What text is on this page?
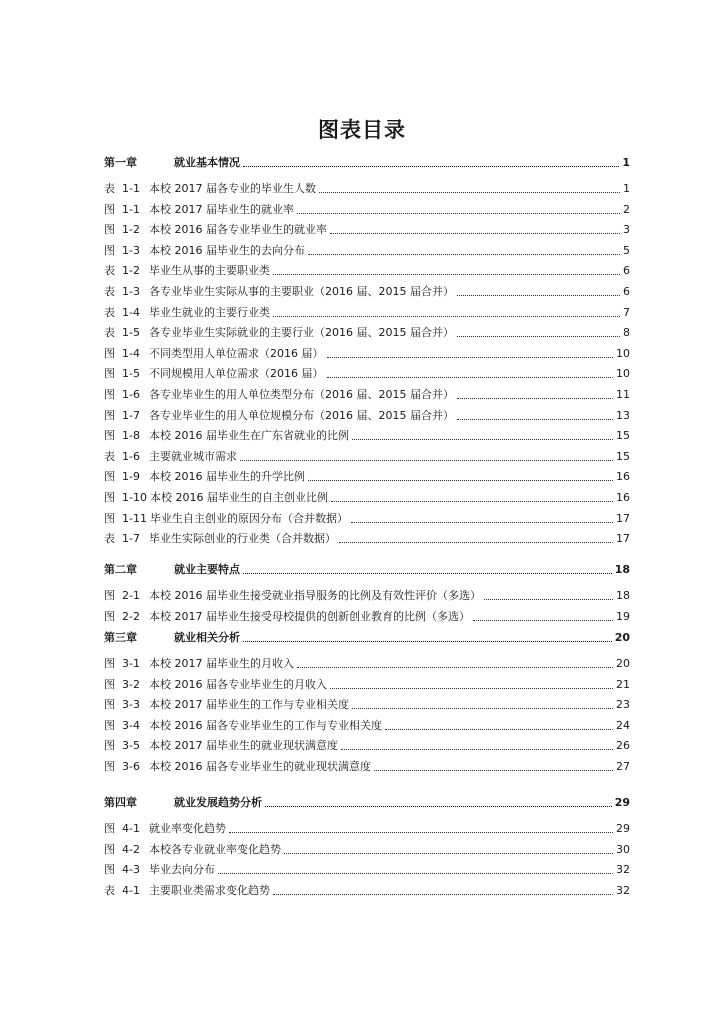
图表目录
第一章	就业基本情况	1
表 1-1 本校 2017 届各专业的毕业生人数	1
图 1-1 本校 2017 届毕业生的就业率	2
图 1-2 本校 2016 届各专业毕业生的就业率	3
图 1-3 本校 2016 届毕业生的去向分布	5
表 1-2 毕业生从事的主要职业类	6
表 1-3 各专业毕业生实际从事的主要职业（2016 届、2015 届合并）	6
表 1-4 毕业生就业的主要行业类	7
表 1-5 各专业毕业生实际就业的主要行业（2016 届、2015 届合并）	8
图 1-4 不同类型用人单位需求（2016 届）	10
图 1-5 不同规模用人单位需求（2016 届）	10
图 1-6 各专业毕业生的用人单位类型分布（2016 届、2015 届合并）	11
图 1-7 各专业毕业生的用人单位规模分布（2016 届、2015 届合并）	13
图 1-8 本校 2016 届毕业生在广东省就业的比例	15
表 1-6 主要就业城市需求	15
图 1-9 本校 2016 届毕业生的升学比例	16
图 1-10 本校 2016 届毕业生的自主创业比例	16
图 1-11 毕业生自主创业的原因分布（合并数据）	17
表 1-7 毕业生实际创业的行业类（合并数据）	17
第二章	就业主要特点	18
图 2-1 本校 2016 届毕业生接受就业指导服务的比例及有效性评价（多选）	18
图 2-2 本校 2017 届毕业生接受母校提供的创新创业教育的比例（多选）	19
第三章	就业相关分析	20
图 3-1 本校 2017 届毕业生的月收入	20
图 3-2 本校 2016 届各专业毕业生的月收入	21
图 3-3 本校 2017 届毕业生的工作与专业相关度	23
图 3-4 本校 2016 届各专业毕业生的工作与专业相关度	24
图 3-5 本校 2017 届毕业生的就业现状满意度	26
图 3-6 本校 2016 届各专业毕业生的就业现状满意度	27
第四章	就业发展趋势分析	29
图 4-1 就业率变化趋势	29
图 4-2 本校各专业就业率变化趋势	30
图 4-3 毕业去向分布	32
表 4-1 主要职业类需求变化趋势	32
